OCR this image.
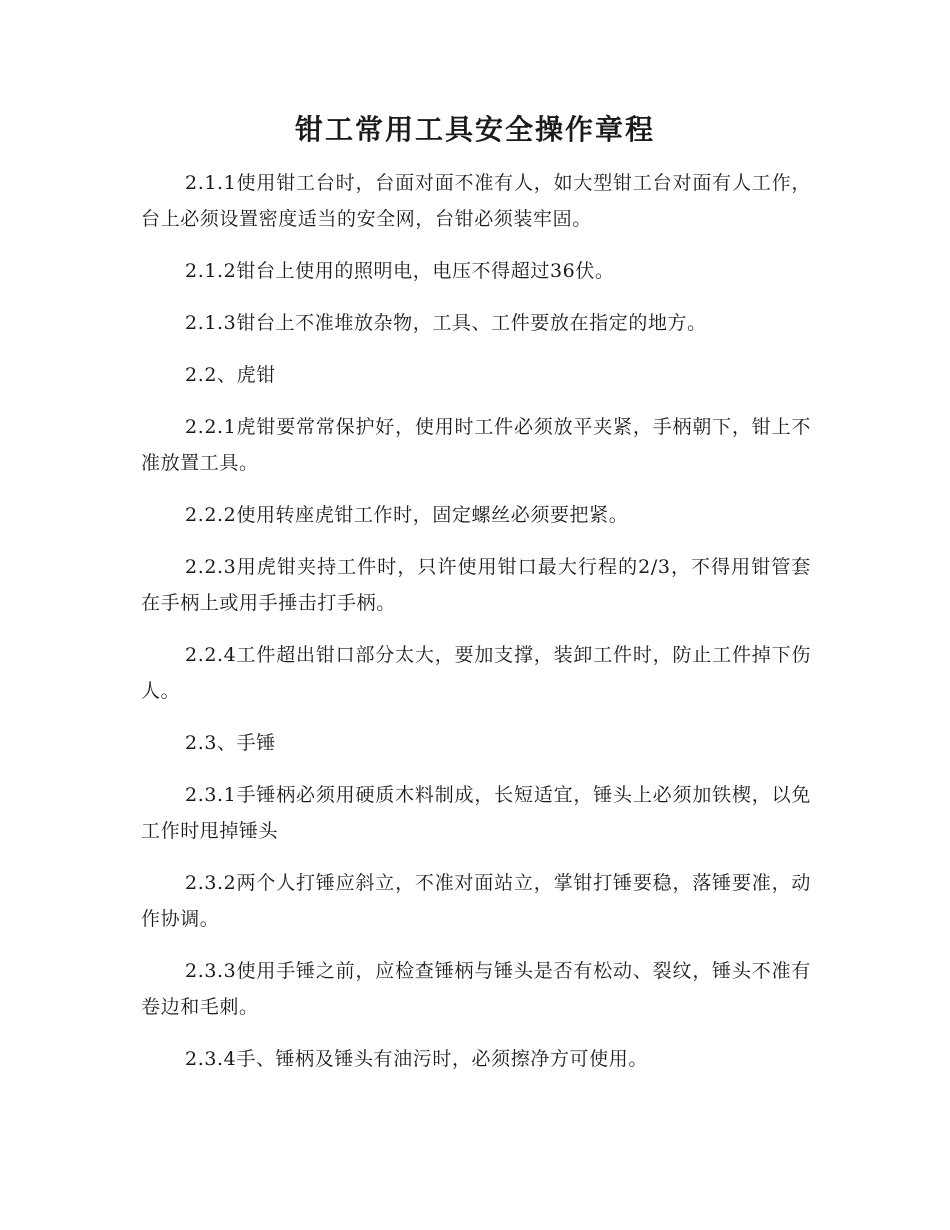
钳工常用工具安全操作章程

2.1.1使用钳工台时，台面对面不准有人，如大型钳工台对面有人工作，台上必须设置密度适当的安全网，台钳必须装牢固。

2.1.2钳台上使用的照明电，电压不得超过36伏。

2.1.3钳台上不准堆放杂物，工具、工件要放在指定的地方。

2.2、虎钳

2.2.1虎钳要常常保护好，使用时工件必须放平夹紧，手柄朝下，钳上不准放置工具。

2.2.2使用转座虎钳工作时，固定螺丝必须要把紧。

2.2.3用虎钳夹持工件时，只许使用钳口最大行程的2/3，不得用钳管套在手柄上或用手捶击打手柄。

2.2.4工件超出钳口部分太大，要加支撑，装卸工件时，防止工件掉下伤人。

2.3、手锤

2.3.1手锤柄必须用硬质木料制成，长短适宜，锤头上必须加铁楔，以免工作时甩掉锤头

2.3.2两个人打锤应斜立，不准对面站立，掌钳打锤要稳，落锤要准，动作协调。

2.3.3使用手锤之前，应检查锤柄与锤头是否有松动、裂纹，锤头不准有卷边和毛刺。

2.3.4手、锤柄及锤头有油污时，必须擦净方可使用。
